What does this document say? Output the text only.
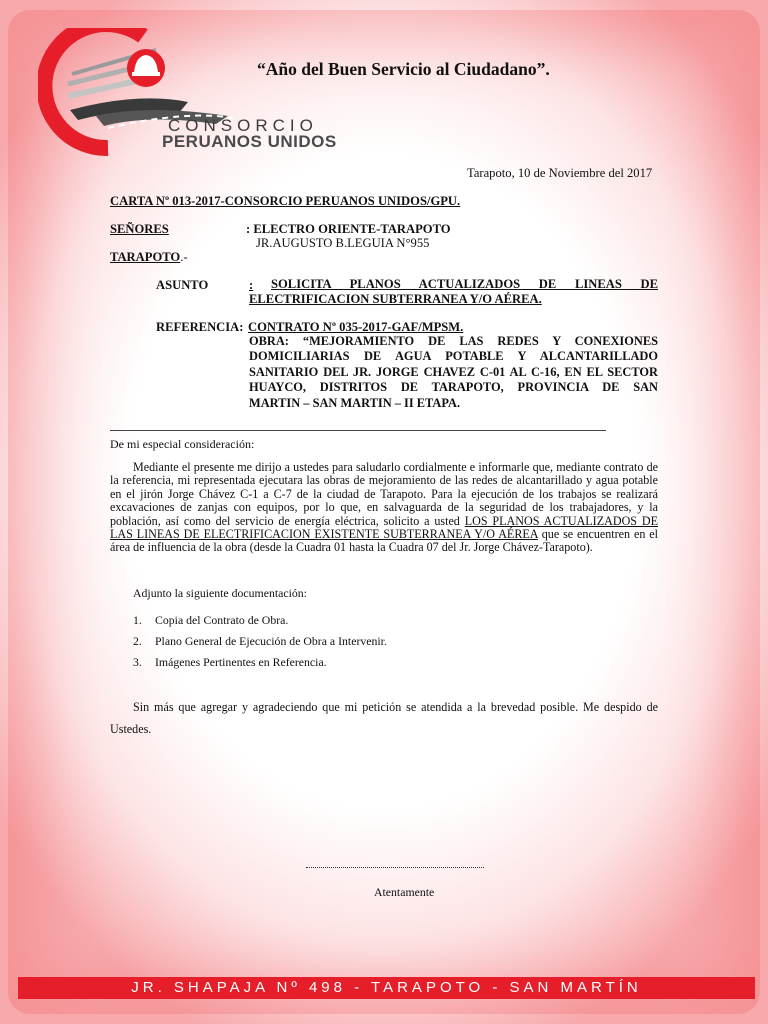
CONSORCIO
PERUANOS UNIDOS
“Año del Buen Servicio al Ciudadano”.
Tarapoto, 10 de Noviembre del 2017
CARTA Nº 013-2017-CONSORCIO PERUANOS UNIDOS/GPU.
SEÑORES	: ELECTRO ORIENTE-TARAPOTO
JR.AUGUSTO B.LEGUIA N°955
TARAPOTO.-
ASUNTO	: SOLICITA PLANOS ACTUALIZADOS DE LINEAS DE
ELECTRIFICACION SUBTERRANEA Y/O AÉREA.
REFERENCIA: CONTRATO Nº 035-2017-GAF/MPSM.
OBRA: “MEJORAMIENTO DE LAS REDES Y CONEXIONES
DOMICILIARIAS DE AGUA POTABLE Y ALCANTARILLADO
SANITARIO DEL JR. JORGE CHAVEZ C-01 AL C-16, EN EL SECTOR
HUAYCO, DISTRITOS DE TARAPOTO, PROVINCIA DE SAN
MARTIN – SAN MARTIN – II ETAPA.
De mi especial consideración:
Mediante el presente me dirijo a ustedes para saludarlo cordialmente e informarle que, mediante contrato de la referencia, mi representada ejecutara las obras de mejoramiento de las redes de alcantarillado y agua potable en el jirón Jorge Chávez C-1 a C-7 de la ciudad de Tarapoto. Para la ejecución de los trabajos se realizará excavaciones de zanjas con equipos, por lo que, en salvaguarda de la seguridad de los trabajadores, y la población, así como del servicio de energía eléctrica, solicito a usted LOS PLANOS ACTUALIZADOS DE LAS LINEAS DE ELECTRIFICACION EXISTENTE SUBTERRANEA Y/O AÉREA que se encuentren en el área de influencia de la obra (desde la Cuadra 01 hasta la Cuadra 07 del Jr. Jorge Chávez-Tarapoto).
Adjunto la siguiente documentación:
1. Copia del Contrato de Obra.
2. Plano General de Ejecución de Obra a Intervenir.
3. Imágenes Pertinentes en Referencia.
Sin más que agregar y agradeciendo que mi petición se atendida a la brevedad posible. Me despido de Ustedes.
Atentamente
JR. SHAPAJA Nº 498 - TARAPOTO - SAN MARTÍN
